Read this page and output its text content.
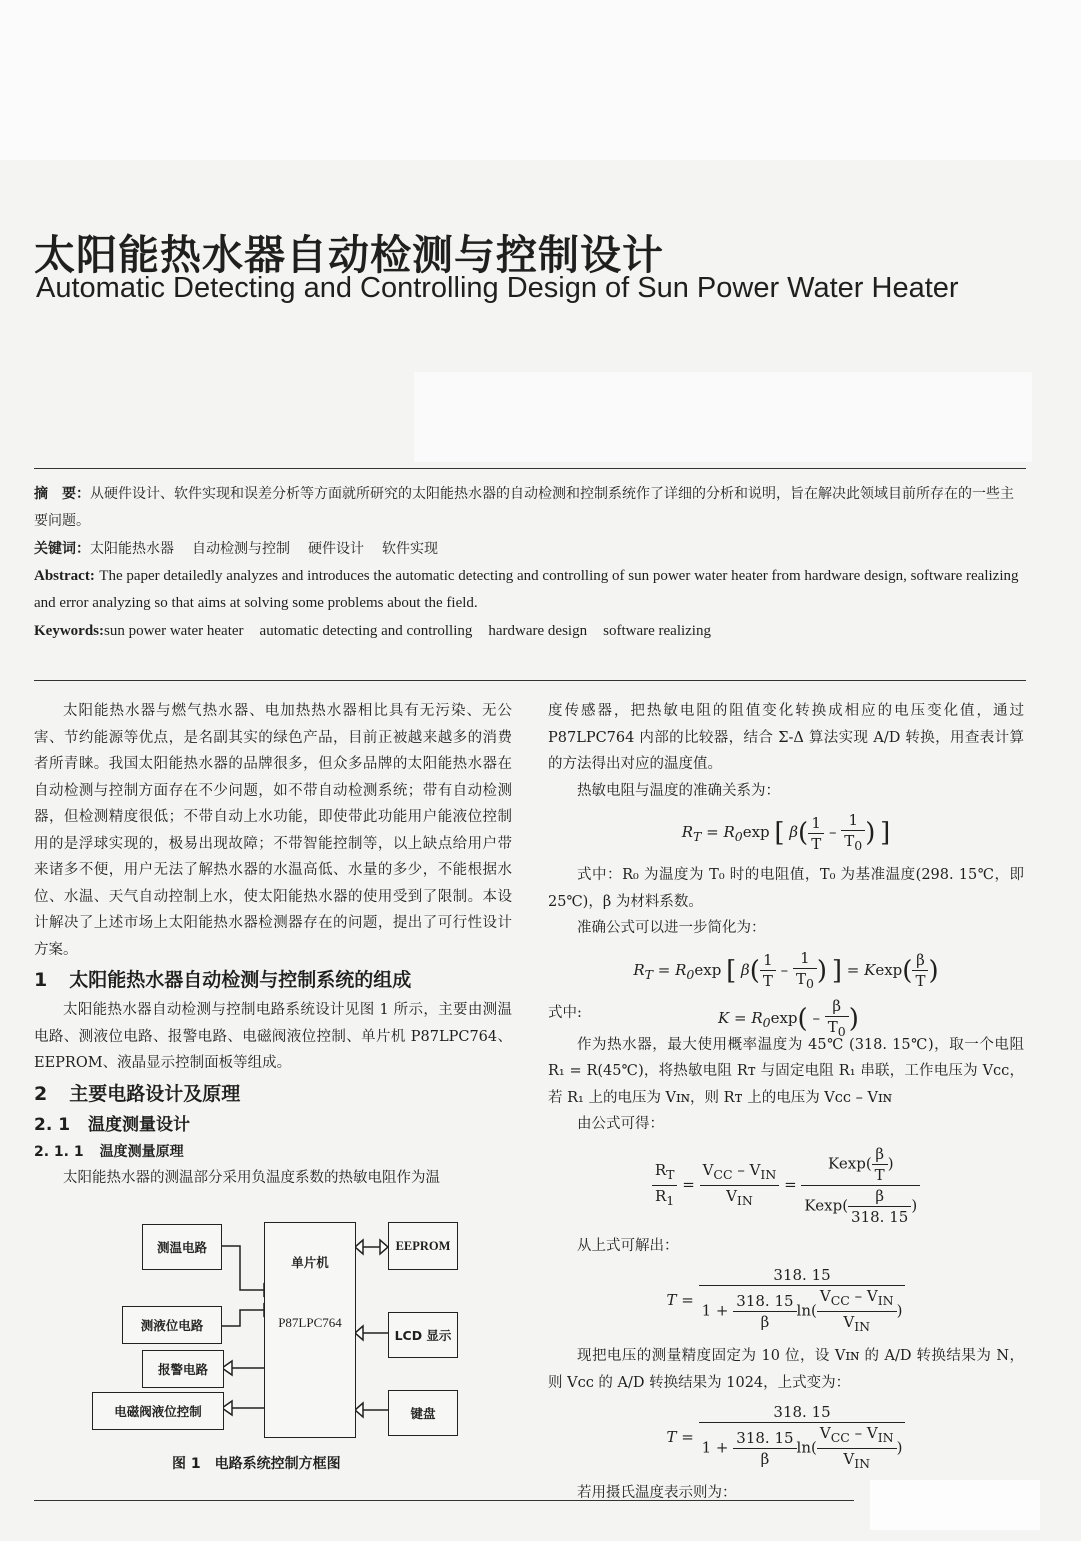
太阳能热水器自动检测与控制设计
Automatic Detecting and Controlling Design of Sun Power Water Heater
摘　要：从硬件设计、软件实现和误差分析等方面就所研究的太阳能热水器的自动检测和控制系统作了详细的分析和说明，旨在解决此领域目前所存在的一些主要问题。
关键词：太阳能热水器 自动检测与控制 硬件设计 软件实现
Abstract: The paper detailedly analyzes and introduces the automatic detecting and controlling of sun power water heater from hardware design, software realizing and error analyzing so that aims at solving some problems about the field.
Keywords:sun power water heater automatic detecting and controlling hardware design software realizing

太阳能热水器与燃气热水器、电加热热水器相比具有无污染、无公害、节约能源等优点，是名副其实的绿色产品，目前正被越来越多的消费者所青睐。我国太阳能热水器的品牌很多，但众多品牌的太阳能热水器在自动检测与控制方面存在不少问题，如不带自动检测系统；带有自动检测器，但检测精度很低；不带自动上水功能，即使带此功能用户能液位控制用的是浮球实现的，极易出现故障；不带智能控制等，以上缺点给用户带来诸多不便，用户无法了解热水器的水温高低、水量的多少，不能根据水位、水温、天气自动控制上水，使太阳能热水器的使用受到了限制。本设计解决了上述市场上太阳能热水器检测器存在的问题，提出了可行性设计方案。

1 太阳能热水器自动检测与控制系统的组成

太阳能热水器自动检测与控制电路系统设计见图 1 所示，主要由测温电路、测液位电路、报警电路、电磁阀液位控制、单片机 P87LPC764、EEPROM、液晶显示控制面板等组成。

2 主要电路设计及原理
2. 1 温度测量设计
2. 1. 1 温度测量原理

太阳能热水器的测温部分采用负温度系数的热敏电阻作为温

测温电路
测液位电路
报警电路
电磁阀液位控制
单片机
P87LPC764
EEPROM
LCD 显示
键盘
图 1 电路系统控制方框图

度传感器，把热敏电阻的阻值变化转换成相应的电压变化值，通过 P87LPC764 内部的比较器，结合 Σ-Δ 算法实现 A/D 转换，用查表计算的方法得出对应的温度值。

热敏电阻与温度的准确关系为：

$R_T = R_0\exp$ [ $\beta( \frac{1}{T} - \frac{1}{T_0}$ ) ]

式中：R₀ 为温度为 T₀ 时的电阻值，T₀ 为基准温度(298. 15℃，即 25℃)，β 为材料系数。

准确公式可以进一步简化为：

$R_T = R_0\exp$ [ $\beta( \frac{1}{T} - \frac{1}{T_0}$ ) ] = $Kexp( \frac{\beta}{T}$ )
式中:	$K = R_0\exp( - \frac{\beta}{T_0}$ )

作为热水器，最大使用概率温度为 45℃ (318. 15℃)，取一个电阻 R₁ = R(45℃)，将热敏电阻 Rᴛ 与固定电阻 R₁ 串联，工作电压为 Vᴄᴄ，若 R₁ 上的电压为 Vɪɴ，则 Rᴛ 上的电压为 Vᴄᴄ – Vɪɴ

由公式可得：

$\frac{R_T}{R_1} = \frac{V_{CC} - V_{IN}}{V_{IN}} = \frac{Kexp( \frac{\beta}{T} )}{Kexp( \frac{\beta}{318. 15} )}$

从上式可解出：

$T = \frac{318. 15}{1 + \frac{318. 15}{\beta} \ln( \frac{V_{CC} - V_{IN}}{V_{IN}} )}$

现把电压的测量精度固定为 10 位，设 Vɪɴ 的 A/D 转换结果为 N，则 Vᴄᴄ 的 A/D 转换结果为 1024，上式变为：

$T = \frac{318. 15}{1 + \frac{318. 15}{\beta} \ln( \frac{V_{CC} - V_{IN}}{V_{IN}} )}$

若用摄氏温度表示则为：
